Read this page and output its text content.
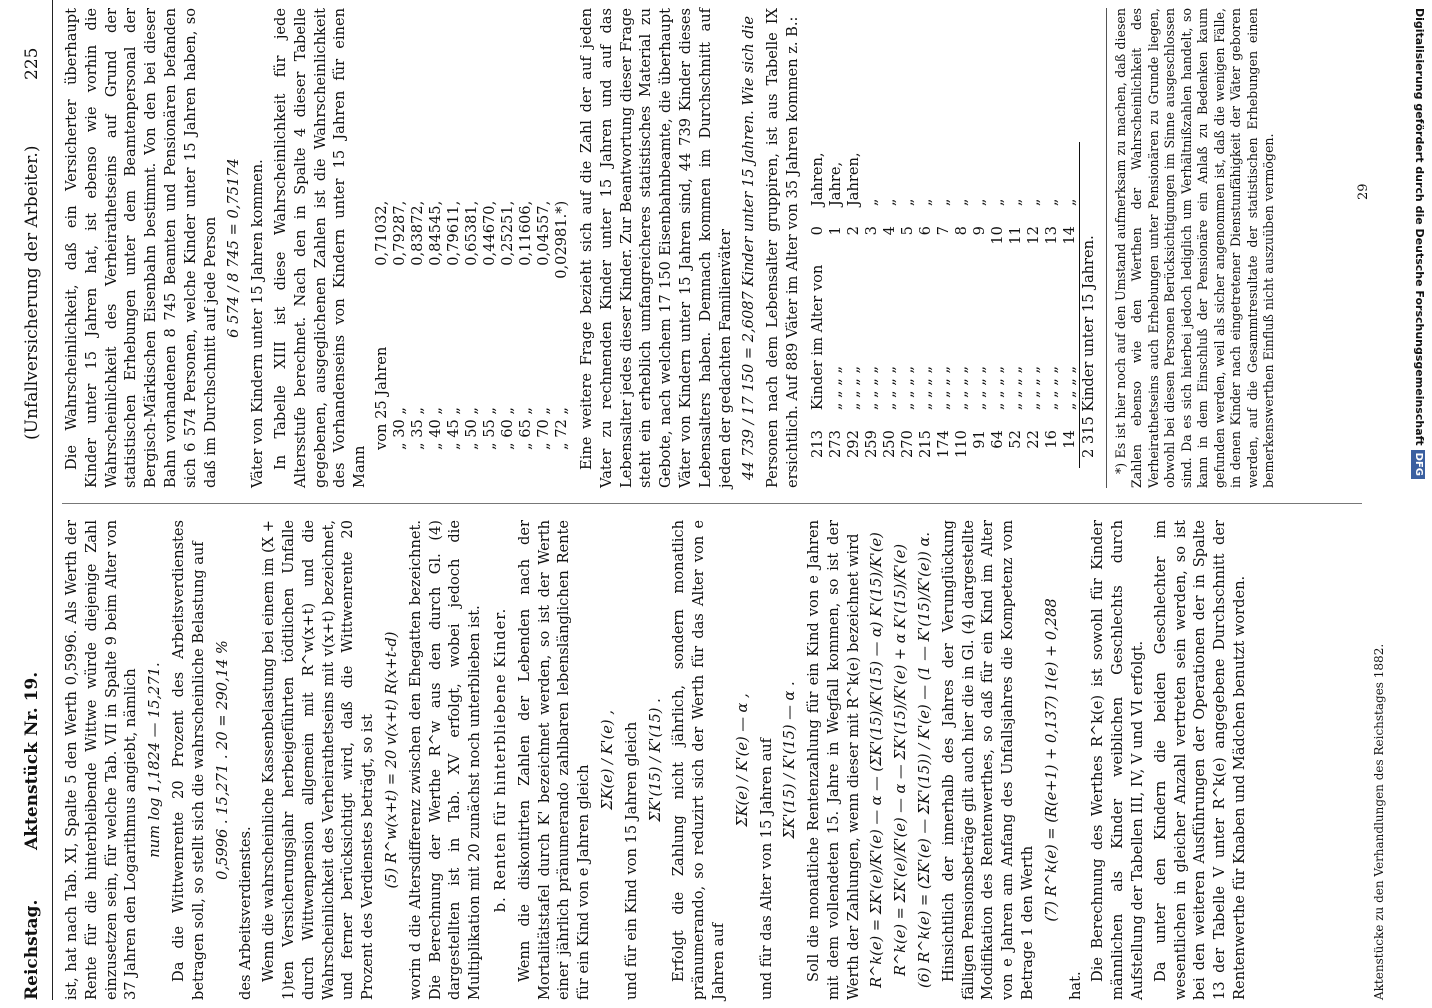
Reichstag.
Aktenstück Nr. 19.
(Unfallversicherung der Arbeiter.)
225

ist, hat nach Tab. XI, Spalte 5 den Werth 0,5996. Als Werth der Rente für die hinterbleibende Wittwe würde diejenige Zahl einzusetzen sein, für welche Tab. VII in Spalte 9 beim Alter von 37 Jahren den Logarithmus angiebt, nämlich num log 1,1824 — 15,271. Da die Wittwenrente 20 Prozent des Arbeitsverdienstes betragen soll, so stellt sich die wahrscheinliche Belastung auf 0,5996 . 15,271 . 20 = 290,14 %

des Arbeitsverdienstes. Wenn die wahrscheinliche Kassenbelastung bei einem im (X + 1)ten Versicherungsjahr herbeigeführten tödtlichen Unfalle durch Wittwenpension allgemein mit R^w(x+t) und die Wahrscheinlichkeit des Verheirathetseins mit v(x+t) bezeichnet, und ferner berücksichtigt wird, daß die Wittwenrente 20 Prozent des Verdienstes beträgt, so ist (5) R^w(x+t) = 20 v(x+t) R(x+t-d) worin d die Altersdifferenz zwischen den Ehegatten bezeichnet. Die Berechnung der Werthe R^w aus den durch Gl. (4) dargestellten ist in Tab. XV erfolgt, wobei jedoch die Multiplikation mit 20 zunächst noch unterblieben ist. b. Renten für hinterbliebene Kinder. Wenn die diskontirten Zahlen der Lebenden nach der Mortalitätstafel durch K' bezeichnet werden, so ist der Werth einer jährlich pränumerando zahlbaren lebenslänglichen Rente für ein Kind von e Jahren gleich

ΣK(e) / K'(e) , und für ein Kind von 15 Jahren gleich ΣK'(15) / K'(15) . Erfolgt die Zahlung nicht jährlich, sondern monatlich pränumerando, so reduzirt sich der Werth für das Alter von e Jahren auf

ΣK(e) / K'(e) — α , und für das Alter von 15 Jahren auf ΣK'(15) / K'(15) — α . Soll die monatliche Rentenzahlung für ein Kind von e Jahren mit dem vollendeten 15. Jahre in Wegfall kommen, so ist der Werth der Zahlungen, wenn dieser mit R^k(e) bezeichnet wird R^k(e) = ΣK'(e)/K'(e) — α — (ΣK'(15)/K'(15) — α) K'(15)/K'(e) R^k(e) = ΣK'(e)/K'(e) — α — ΣK'(15)/K'(e) + α K'(15)/K'(e) (6) R^k(e) = (ΣK'(e) — ΣK'(15)) / K'(e) — (1 — K'(15)/K'(e)) α. Hinsichtlich der innerhalb des Jahres der Verunglückung fälligen Pensionsbeträge gilt auch hier die in Gl. (4) dargestellte Modifikation des Rentenwerthes, so daß für ein Kind im Alter von e Jahren am Anfang des Unfallsjahres die Kompetenz vom Betrage 1 den Werth

(7) R^k(e) = (R(e+1) + 0,137) 1(e) + 0,288

hat.

Die Berechnung des Werthes R^k(e) ist sowohl für Kinder männlichen als Kinder weiblichen Geschlechts durch Aufstellung der Tabellen III, IV, V und VI erfolgt. Da unter den Kindern die beiden Geschlechter im wesentlichen in gleicher Anzahl vertreten sein werden, so ist bei den weiteren Ausführungen der Operationen der in Spalte 13 der Tabelle V unter R^k(e) angegebene Durchschnitt der Rentenwerthe für Knaben und Mädchen benutzt worden.

Die Wahrscheinlichkeit, daß ein Versicherter überhaupt Kinder unter 15 Jahren hat, ist ebenso wie vorhin die Wahrscheinlichkeit des Verheirathetseins auf Grund der statistischen Erhebungen unter dem Beamtenpersonal der Bergisch-Märkischen Eisenbahn bestimmt. Von den bei dieser Bahn vorhandenen 8 745 Beamten und Pensionären befanden sich 6 574 Personen, welche Kinder unter 15 Jahren haben, so daß im Durchschnitt auf jede Person 6 574 / 8 745 = 0,75174 Väter von Kindern unter 15 Jahren kommen. In Tabelle XIII ist diese Wahrscheinlichkeit für jede Altersstufe berechnet. Nach den in Spalte 4 dieser Tabelle gegebenen, ausgeglichenen Zahlen ist die Wahrscheinlichkeit des Vorhandenseins von Kindern unter 15 Jahren für einen Mann

von 25 Jahren	0,71032,
„ 30 „	0,79287,
„ 35 „	0,83872,
„ 40 „	0,84545,
„ 45 „	0,79611,
„ 50 „	0,65381,
„ 55 „	0,44670,
„ 60 „	0,25251,
„ 65 „	0,11606,
„ 70 „	0,04557,
„ 72 „	0,02981.*) Eine weitere Frage bezieht sich auf die Zahl der auf jeden Vater zu rechnenden Kinder unter 15 Jahren und auf das Lebensalter jedes dieser Kinder. Zur Beantwortung dieser Frage steht ein erheblich umfangreicheres statistisches Material zu Gebote, nach welchem 17 150 Eisenbahnbeamte, die überhaupt Väter von Kindern unter 15 Jahren sind, 44 739 Kinder dieses Lebensalters haben. Demnach kommen im Durchschnitt auf jeden der gedachten Familienväter 44 739 / 17 150 = 2,6087 Kinder unter 15 Jahren. Wie sich die Personen nach dem Lebensalter gruppiren, ist aus Tabelle IX ersichtlich. Auf 889 Väter im Alter von 35 Jahren kommen z. B.: 213	Kinder im Alter von	0	Jahren,
273	„ „ „ „	1	Jahre,
292	„ „ „ „	2	Jahren,
259	„ „ „ „	3	„
250	„ „ „ „	4	„
270	„ „ „ „	5	„
215	„ „ „ „	6	„
174	„ „ „ „	7	„
110	„ „ „ „	8	„
91	„ „ „ „	9	„
64	„ „ „ „	10	„
52	„ „ „ „	11	„
22	„ „ „ „	12	„
16	„ „ „ „	13	„
14	„ „ „ „	14	„
2 315 Kinder unter 15 Jahren.			*) Es ist hier noch auf den Umstand aufmerksam zu machen, daß diesen Zahlen ebenso wie den Werthen der Wahrscheinlichkeit des Verheirathetseins auch Erhebungen unter Pensionären zu Grunde liegen, obwohl bei diesen Personen Berücksichtigungen im Sinne ausgeschlossen sind. Da es sich hierbei jedoch lediglich um Verhältnißzahlen handelt, so kann in dem Einschluß der Pensionäre ein Anlaß zu Bedenken kaum gefunden werden, weil als sicher angenommen ist, daß die wenigen Fälle, in denen Kinder nach eingetretener Dienstunfähigkeit der Väter geboren werden, auf die Gesammtresultate der statistischen Erhebungen einen bemerkenswerthen Einfluß nicht auszuüben vermögen.

Aktenstücke zu den Verhandlungen des Reichstages 1882.
29	Digitalisierung gefördert durch die Deutsche ForschungsgemeinschaftDFG
